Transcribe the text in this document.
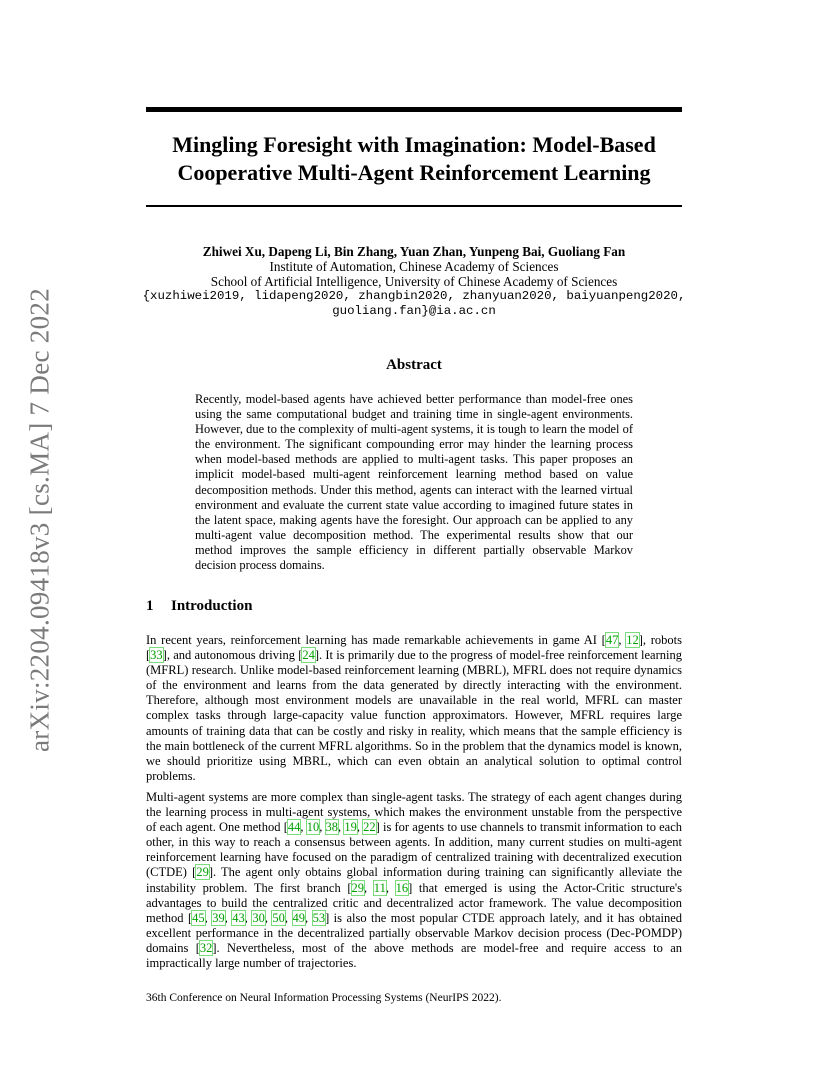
arXiv:2204.09418v3 [cs.MA] 7 Dec 2022
Mingling Foresight with Imagination: Model-Based
Cooperative Multi-Agent Reinforcement Learning
Zhiwei Xu, Dapeng Li, Bin Zhang, Yuan Zhan, Yunpeng Bai, Guoliang Fan
Institute of Automation, Chinese Academy of Sciences
School of Artificial Intelligence, University of Chinese Academy of Sciences
{xuzhiwei2019, lidapeng2020, zhangbin2020, zhanyuan2020, baiyuanpeng2020,
guoliang.fan}@ia.ac.cn
Abstract
Recently, model-based agents have achieved better performance than model-free ones using the same computational budget and training time in single-agent environments. However, due to the complexity of multi-agent systems, it is tough to learn the model of the environment. The significant compounding error may hinder the learning process when model-based methods are applied to multi-agent tasks. This paper proposes an implicit model-based multi-agent reinforcement learning method based on value decomposition methods. Under this method, agents can interact with the learned virtual environment and evaluate the current state value according to imagined future states in the latent space, making agents have the foresight. Our approach can be applied to any multi-agent value decomposition method. The experimental results show that our method improves the sample efficiency in different partially observable Markov decision process domains.
1 Introduction
In recent years, reinforcement learning has made remarkable achievements in game AI [47, 12], robots [33], and autonomous driving [24]. It is primarily due to the progress of model-free reinforcement learning (MFRL) research. Unlike model-based reinforcement learning (MBRL), MFRL does not require dynamics of the environment and learns from the data generated by directly interacting with the environment. Therefore, although most environment models are unavailable in the real world, MFRL can master complex tasks through large-capacity value function approximators. However, MFRL requires large amounts of training data that can be costly and risky in reality, which means that the sample efficiency is the main bottleneck of the current MFRL algorithms. So in the problem that the dynamics model is known, we should prioritize using MBRL, which can even obtain an analytical solution to optimal control problems.
Multi-agent systems are more complex than single-agent tasks. The strategy of each agent changes during the learning process in multi-agent systems, which makes the environment unstable from the perspective of each agent. One method [44, 10, 38, 19, 22] is for agents to use channels to transmit information to each other, in this way to reach a consensus between agents. In addition, many current studies on multi-agent reinforcement learning have focused on the paradigm of centralized training with decentralized execution (CTDE) [29]. The agent only obtains global information during training can significantly alleviate the instability problem. The first branch [29, 11, 16] that emerged is using the Actor-Critic structure's advantages to build the centralized critic and decentralized actor framework. The value decomposition method [45, 39, 43, 30, 50, 49, 53] is also the most popular CTDE approach lately, and it has obtained excellent performance in the decentralized partially observable Markov decision process (Dec-POMDP) domains [32]. Nevertheless, most of the above methods are model-free and require access to an impractically large number of trajectories.
36th Conference on Neural Information Processing Systems (NeurIPS 2022).
